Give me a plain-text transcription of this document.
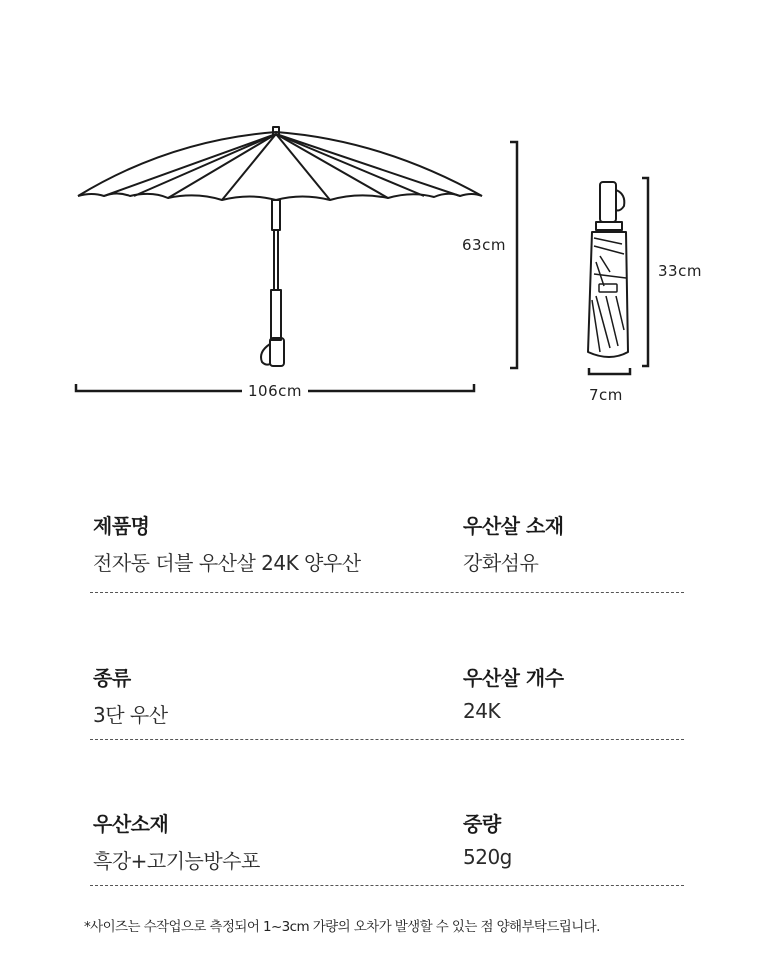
106cm
63cm
33cm
7cm
제품명
전자동 더블 우산살 24K 양우산
우산살 소재
강화섬유
종류
3단 우산
우산살 개수
24K
우산소재
흑강+고기능방수포
중량
520g
*사이즈는 수작업으로 측정되어 1~3cm 가량의 오차가 발생할 수 있는 점 양해부탁드립니다.
